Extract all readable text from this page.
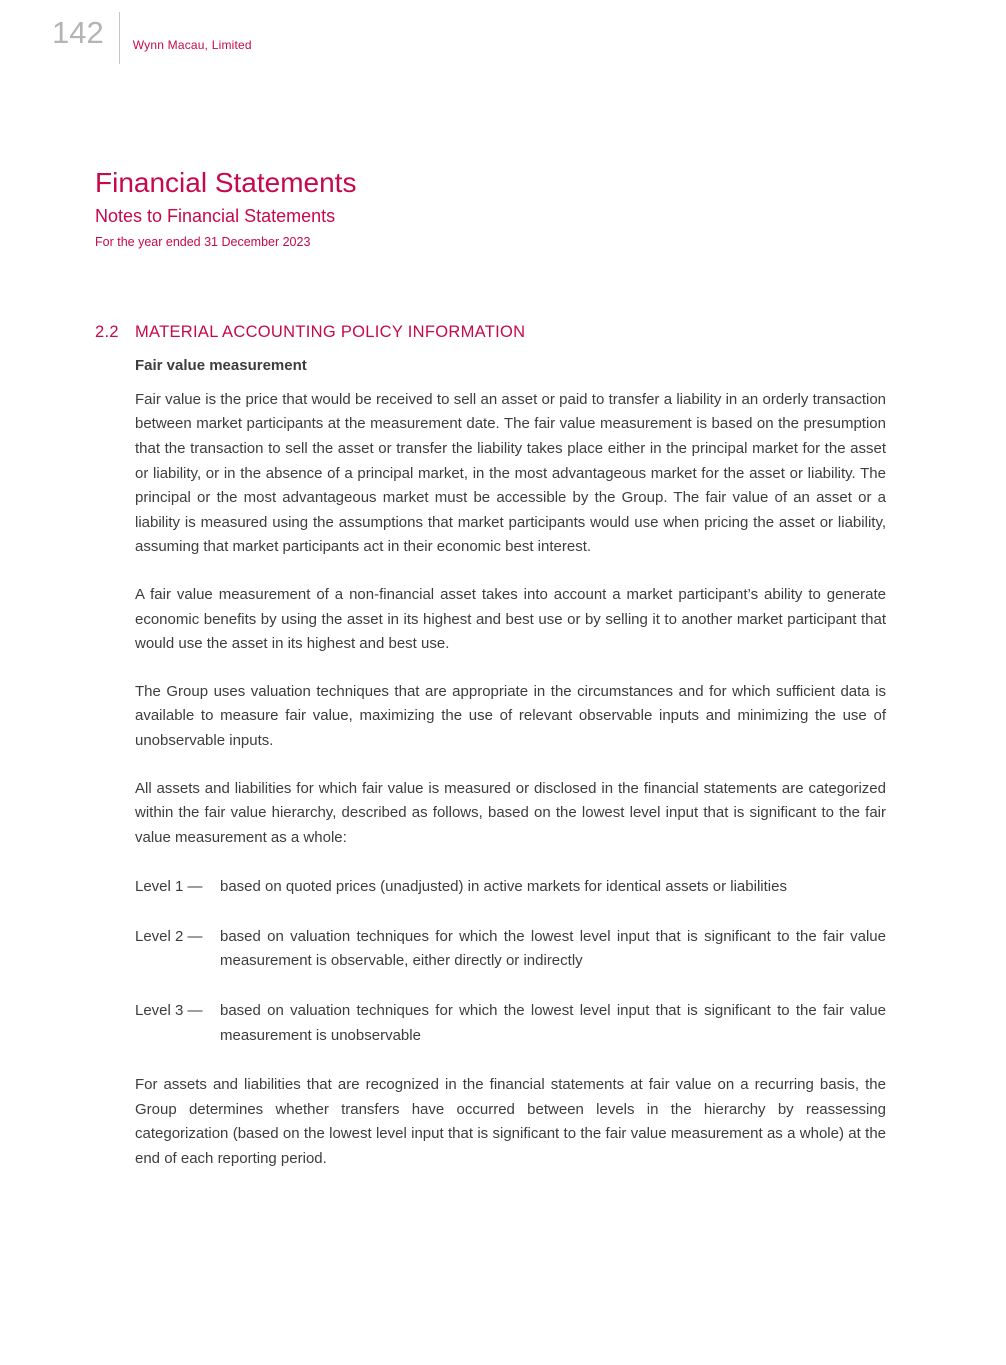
142 Wynn Macau, Limited
Financial Statements
Notes to Financial Statements
For the year ended 31 December 2023
2.2 MATERIAL ACCOUNTING POLICY INFORMATION
Fair value measurement

Fair value is the price that would be received to sell an asset or paid to transfer a liability in an orderly transaction between market participants at the measurement date. The fair value measurement is based on the presumption that the transaction to sell the asset or transfer the liability takes place either in the principal market for the asset or liability, or in the absence of a principal market, in the most advantageous market for the asset or liability. The principal or the most advantageous market must be accessible by the Group. The fair value of an asset or a liability is measured using the assumptions that market participants would use when pricing the asset or liability, assuming that market participants act in their economic best interest.

A fair value measurement of a non-financial asset takes into account a market participant’s ability to generate economic benefits by using the asset in its highest and best use or by selling it to another market participant that would use the asset in its highest and best use.

The Group uses valuation techniques that are appropriate in the circumstances and for which sufficient data is available to measure fair value, maximizing the use of relevant observable inputs and minimizing the use of unobservable inputs.

All assets and liabilities for which fair value is measured or disclosed in the financial statements are categorized within the fair value hierarchy, described as follows, based on the lowest level input that is significant to the fair value measurement as a whole:

Level 1 —	based on quoted prices (unadjusted) in active markets for identical assets or liabilities
Level 2 —	based on valuation techniques for which the lowest level input that is significant to the fair value measurement is observable, either directly or indirectly
Level 3 —	based on valuation techniques for which the lowest level input that is significant to the fair value measurement is unobservable

For assets and liabilities that are recognized in the financial statements at fair value on a recurring basis, the Group determines whether transfers have occurred between levels in the hierarchy by reassessing categorization (based on the lowest level input that is significant to the fair value measurement as a whole) at the end of each reporting period.
